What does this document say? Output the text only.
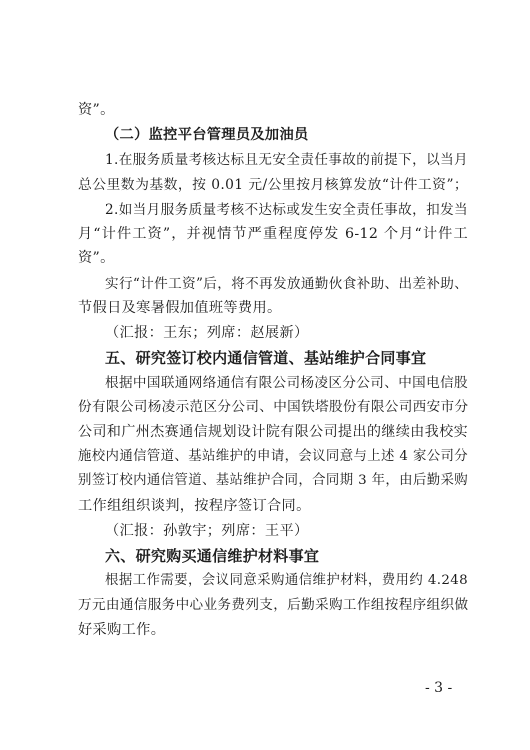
资”。
（二）监控平台管理员及加油员
1.在服务质量考核达标且无安全责任事故的前提下，以当月
总公里数为基数，按 0.01 元/公里按月核算发放“计件工资”；
2.如当月服务质量考核不达标或发生安全责任事故，扣发当
月“计件工资”，并视情节严重程度停发 6-12 个月“计件工
资”。
实行“计件工资”后，将不再发放通勤伙食补助、出差补助、
节假日及寒暑假加值班等费用。
（汇报：王东；列席：赵展新）
五、研究签订校内通信管道、基站维护合同事宜
根据中国联通网络通信有限公司杨凌区分公司、中国电信股
份有限公司杨凌示范区分公司、中国铁塔股份有限公司西安市分
公司和广州杰赛通信规划设计院有限公司提出的继续由我校实
施校内通信管道、基站维护的申请，会议同意与上述 4 家公司分
别签订校内通信管道、基站维护合同，合同期 3 年，由后勤采购
工作组组织谈判，按程序签订合同。
（汇报：孙敦宇；列席：王平）
六、研究购买通信维护材料事宜
根据工作需要，会议同意采购通信维护材料，费用约 4.248
万元由通信服务中心业务费列支，后勤采购工作组按程序组织做
好采购工作。
- 3 -
